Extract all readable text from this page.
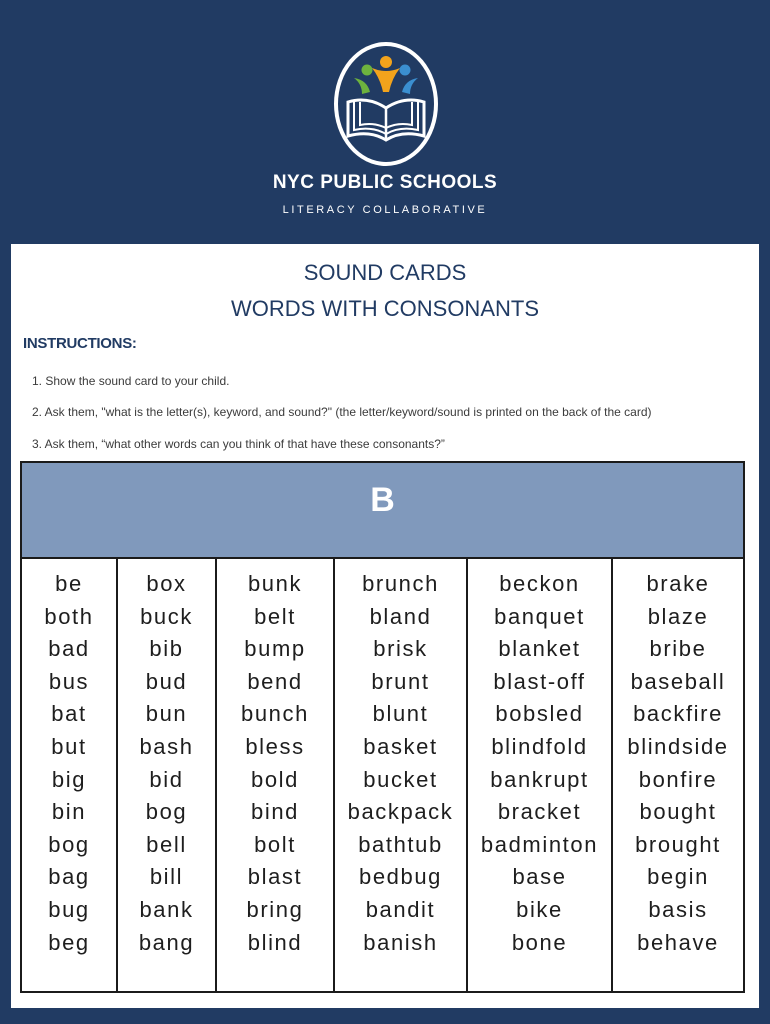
NYC PUBLIC SCHOOLS
LITERACY COLLABORATIVE
SOUND CARDS
WORDS WITH CONSONANTS
INSTRUCTIONS:
1. Show the sound card to your child.
2. Ask them, "what is the letter(s), keyword, and sound?" (the letter/keyword/sound is printed on the back of the card)
3. Ask them, “what other words can you think of that have these consonants?”
B
be
both
bad
bus
bat
but
big
bin
bog
bag
bug
beg
box
buck
bib
bud
bun
bash
bid
bog
bell
bill
bank
bang
bunk
belt
bump
bend
bunch
bless
bold
bind
bolt
blast
bring
blind
brunch
bland
brisk
brunt
blunt
basket
bucket
backpack
bathtub
bedbug
bandit
banish
beckon
banquet
blanket
blast-off
bobsled
blindfold
bankrupt
bracket
badminton
base
bike
bone
brake
blaze
bribe
baseball
backfire
blindside
bonfire
bought
brought
begin
basis
behave
